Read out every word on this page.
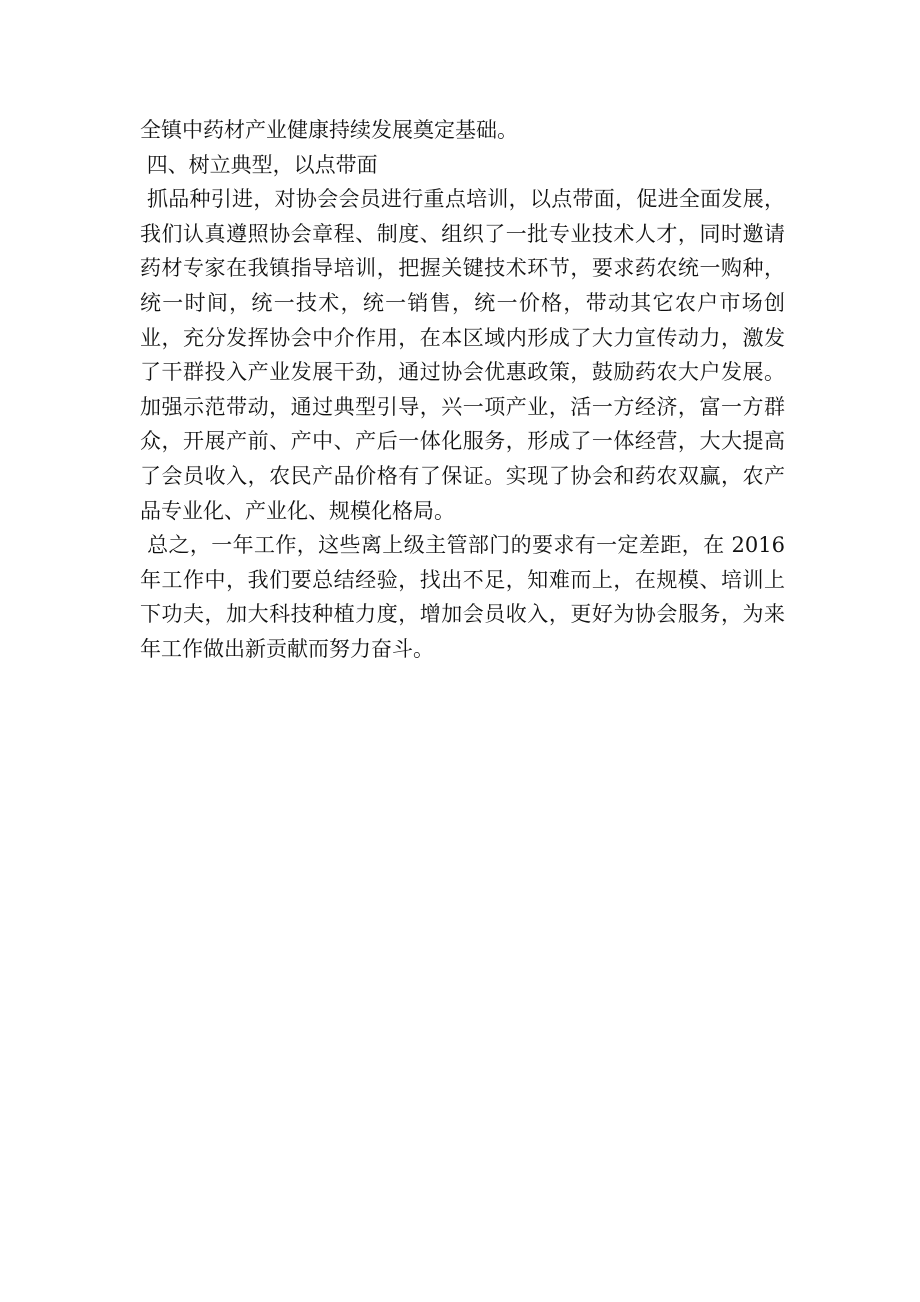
全镇中药材产业健康持续发展奠定基础。

四、树立典型，以点带面

抓品种引进，对协会会员进行重点培训，以点带面，促进全面发展，我们认真遵照协会章程、制度、组织了一批专业技术人才，同时邀请药材专家在我镇指导培训，把握关键技术环节，要求药农统一购种，统一时间，统一技术，统一销售，统一价格，带动其它农户市场创业，充分发挥协会中介作用，在本区域内形成了大力宣传动力，激发了干群投入产业发展干劲，通过协会优惠政策，鼓励药农大户发展。加强示范带动，通过典型引导，兴一项产业，活一方经济，富一方群众，开展产前、产中、产后一体化服务，形成了一体经营，大大提高了会员收入，农民产品价格有了保证。实现了协会和药农双赢，农产品专业化、产业化、规模化格局。

总之，一年工作，这些离上级主管部门的要求有一定差距，在 2016 年工作中，我们要总结经验，找出不足，知难而上，在规模、培训上下功夫，加大科技种植力度，增加会员收入，更好为协会服务，为来年工作做出新贡献而努力奋斗。
